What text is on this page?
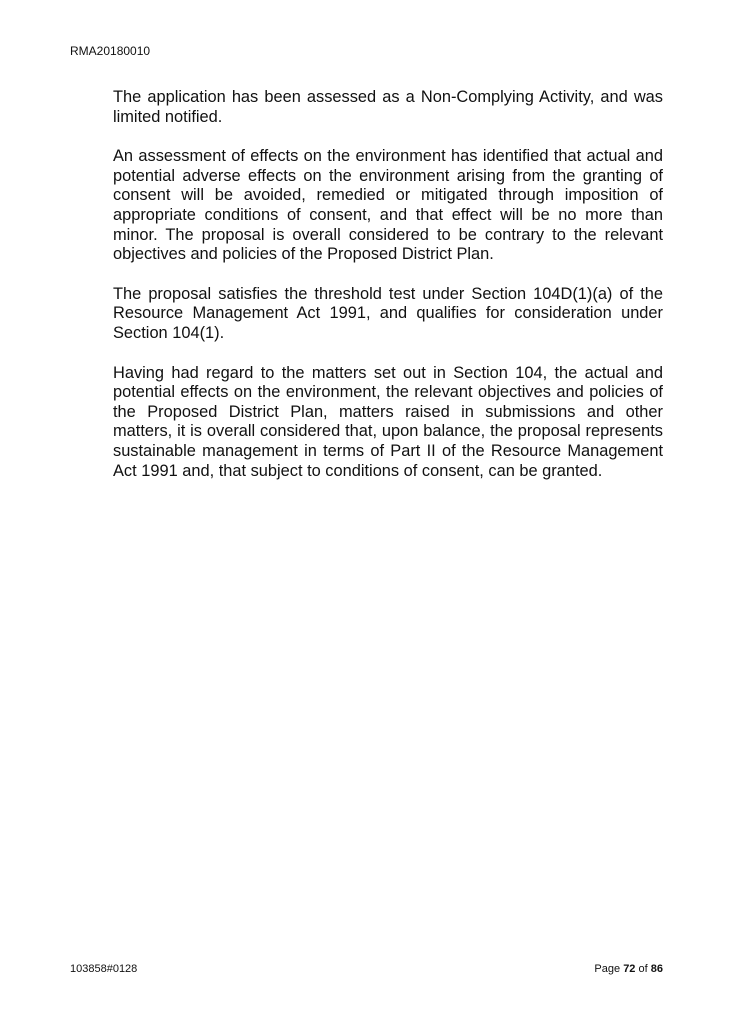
RMA20180010

The application has been assessed as a Non-Complying Activity, and was limited notified.

An assessment of effects on the environment has identified that actual and potential adverse effects on the environment arising from the granting of consent will be avoided, remedied or mitigated through imposition of appropriate conditions of consent, and that effect will be no more than minor. The proposal is overall considered to be contrary to the relevant objectives and policies of the Proposed District Plan.

The proposal satisfies the threshold test under Section 104D(1)(a) of the Resource Management Act 1991, and qualifies for consideration under Section 104(1).

Having had regard to the matters set out in Section 104, the actual and potential effects on the environment, the relevant objectives and policies of the Proposed District Plan, matters raised in submissions and other matters, it is overall considered that, upon balance, the proposal represents sustainable management in terms of Part II of the Resource Management Act 1991 and, that subject to conditions of consent, can be granted.

103858#0128	Page 72 of 86
